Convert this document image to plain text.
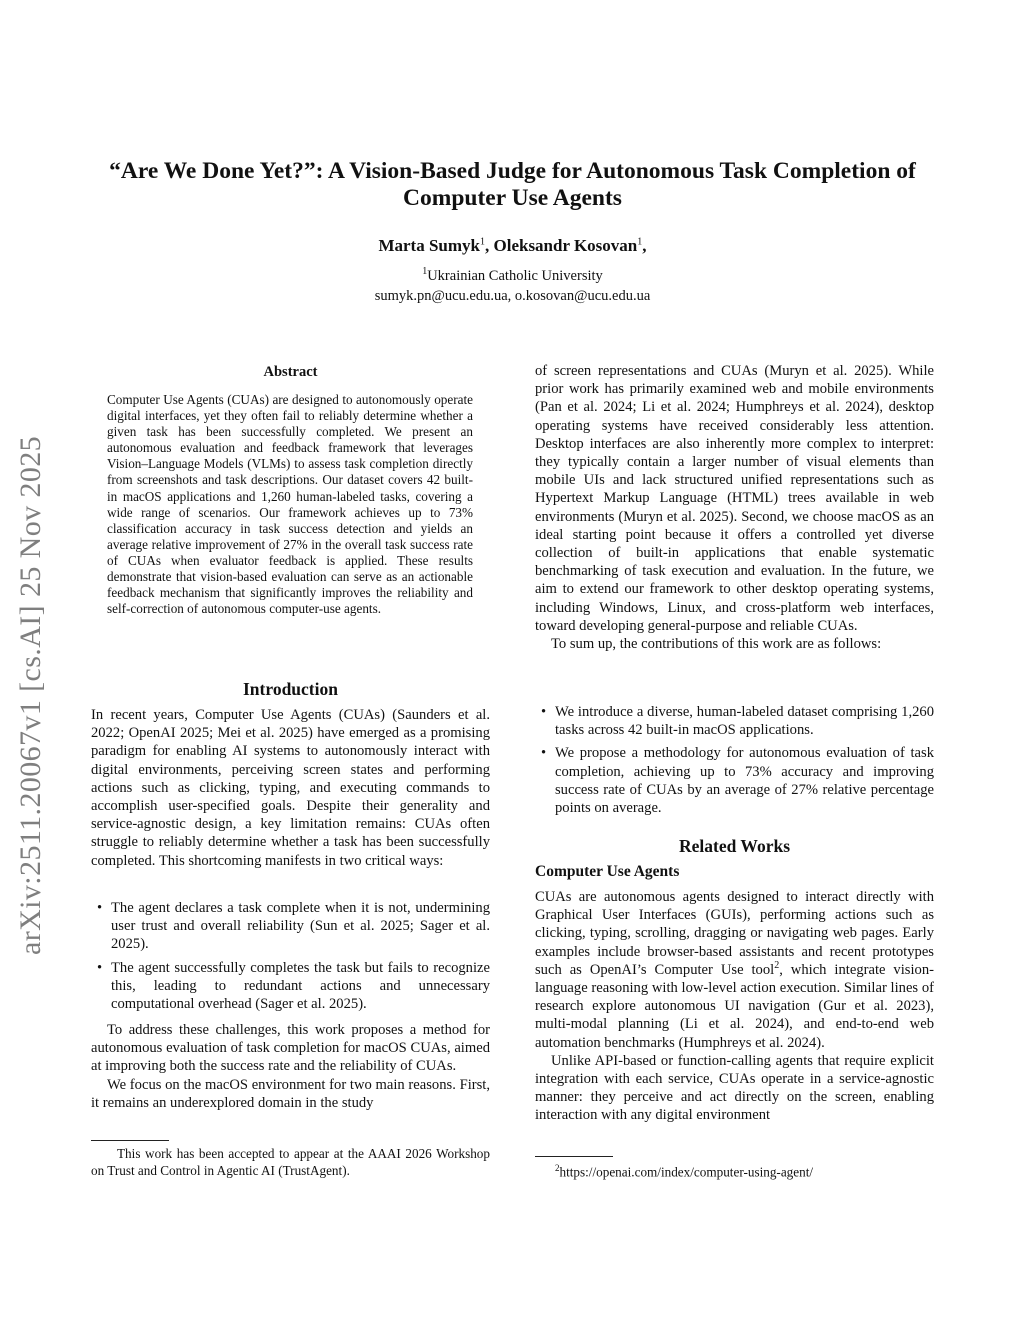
arXiv:2511.20067v1 [cs.AI] 25 Nov 2025
“Are We Done Yet?”: A Vision-Based Judge for Autonomous Task Completion of Computer Use Agents
Marta Sumyk$^1$, Oleksandr Kosovan$^1$,
$^1$Ukrainian Catholic University
sumyk.pn@ucu.edu.ua, o.kosovan@ucu.edu.ua
Abstract
Computer Use Agents (CUAs) are designed to autonomously operate digital interfaces, yet they often fail to reliably determine whether a given task has been successfully completed. We present an autonomous evaluation and feedback framework that leverages Vision–Language Models (VLMs) to assess task completion directly from screenshots and task descriptions. Our dataset covers 42 built-in macOS applications and 1,260 human-labeled tasks, covering a wide range of scenarios. Our framework achieves up to 73% classification accuracy in task success detection and yields an average relative improvement of 27% in the overall task success rate of CUAs when evaluator feedback is applied. These results demonstrate that vision-based evaluation can serve as an actionable feedback mechanism that significantly improves the reliability and self-correction of autonomous computer-use agents.
Introduction
In recent years, Computer Use Agents (CUAs) (Saunders et al. 2022; OpenAI 2025; Mei et al. 2025) have emerged as a promising paradigm for enabling AI systems to autonomously interact with digital environments, perceiving screen states and performing actions such as clicking, typing, and executing commands to accomplish user-specified goals. Despite their generality and service-agnostic design, a key limitation remains: CUAs often struggle to reliably determine whether a task has been successfully completed. This shortcoming manifests in two critical ways:
• The agent declares a task complete when it is not, undermining user trust and overall reliability (Sun et al. 2025; Sager et al. 2025).
• The agent successfully completes the task but fails to recognize this, leading to redundant actions and unnecessary computational overhead (Sager et al. 2025).

To address these challenges, this work proposes a method for autonomous evaluation of task completion for macOS CUAs, aimed at improving both the success rate and the reliability of CUAs.

We focus on the macOS environment for two main reasons. First, it remains an underexplored domain in the study

This work has been accepted to appear at the AAAI 2026 Workshop on Trust and Control in Agentic AI (TrustAgent).

of screen representations and CUAs (Muryn et al. 2025). While prior work has primarily examined web and mobile environments (Pan et al. 2024; Li et al. 2024; Humphreys et al. 2024), desktop operating systems have received considerably less attention. Desktop interfaces are also inherently more complex to interpret: they typically contain a larger number of visual elements than mobile UIs and lack structured unified representations such as Hypertext Markup Language (HTML) trees available in web environments (Muryn et al. 2025). Second, we choose macOS as an ideal starting point because it offers a controlled yet diverse collection of built-in applications that enable systematic benchmarking of task execution and evaluation. In the future, we aim to extend our framework to other desktop operating systems, including Windows, Linux, and cross-platform web interfaces, toward developing general-purpose and reliable CUAs.

To sum up, the contributions of this work are as follows:

• We introduce a diverse, human-labeled dataset comprising 1,260 tasks across 42 built-in macOS applications.
• We propose a methodology for autonomous evaluation of task completion, achieving up to 73% accuracy and improving success rate of CUAs by an average of 27% relative percentage points on average.
Related Works
Computer Use Agents

CUAs are autonomous agents designed to interact directly with Graphical User Interfaces (GUIs), performing actions such as clicking, typing, scrolling, dragging or navigating web pages. Early examples include browser-based assistants and recent prototypes such as OpenAI’s Computer Use tool$^2$, which integrate vision-language reasoning with low-level action execution. Similar lines of research explore autonomous UI navigation (Gur et al. 2023), multi-modal planning (Li et al. 2024), and end-to-end web automation benchmarks (Humphreys et al. 2024).

Unlike API-based or function-calling agents that require explicit integration with each service, CUAs operate in a service-agnostic manner: they perceive and act directly on the screen, enabling interaction with any digital environment

$^2$https://openai.com/index/computer-using-agent/
